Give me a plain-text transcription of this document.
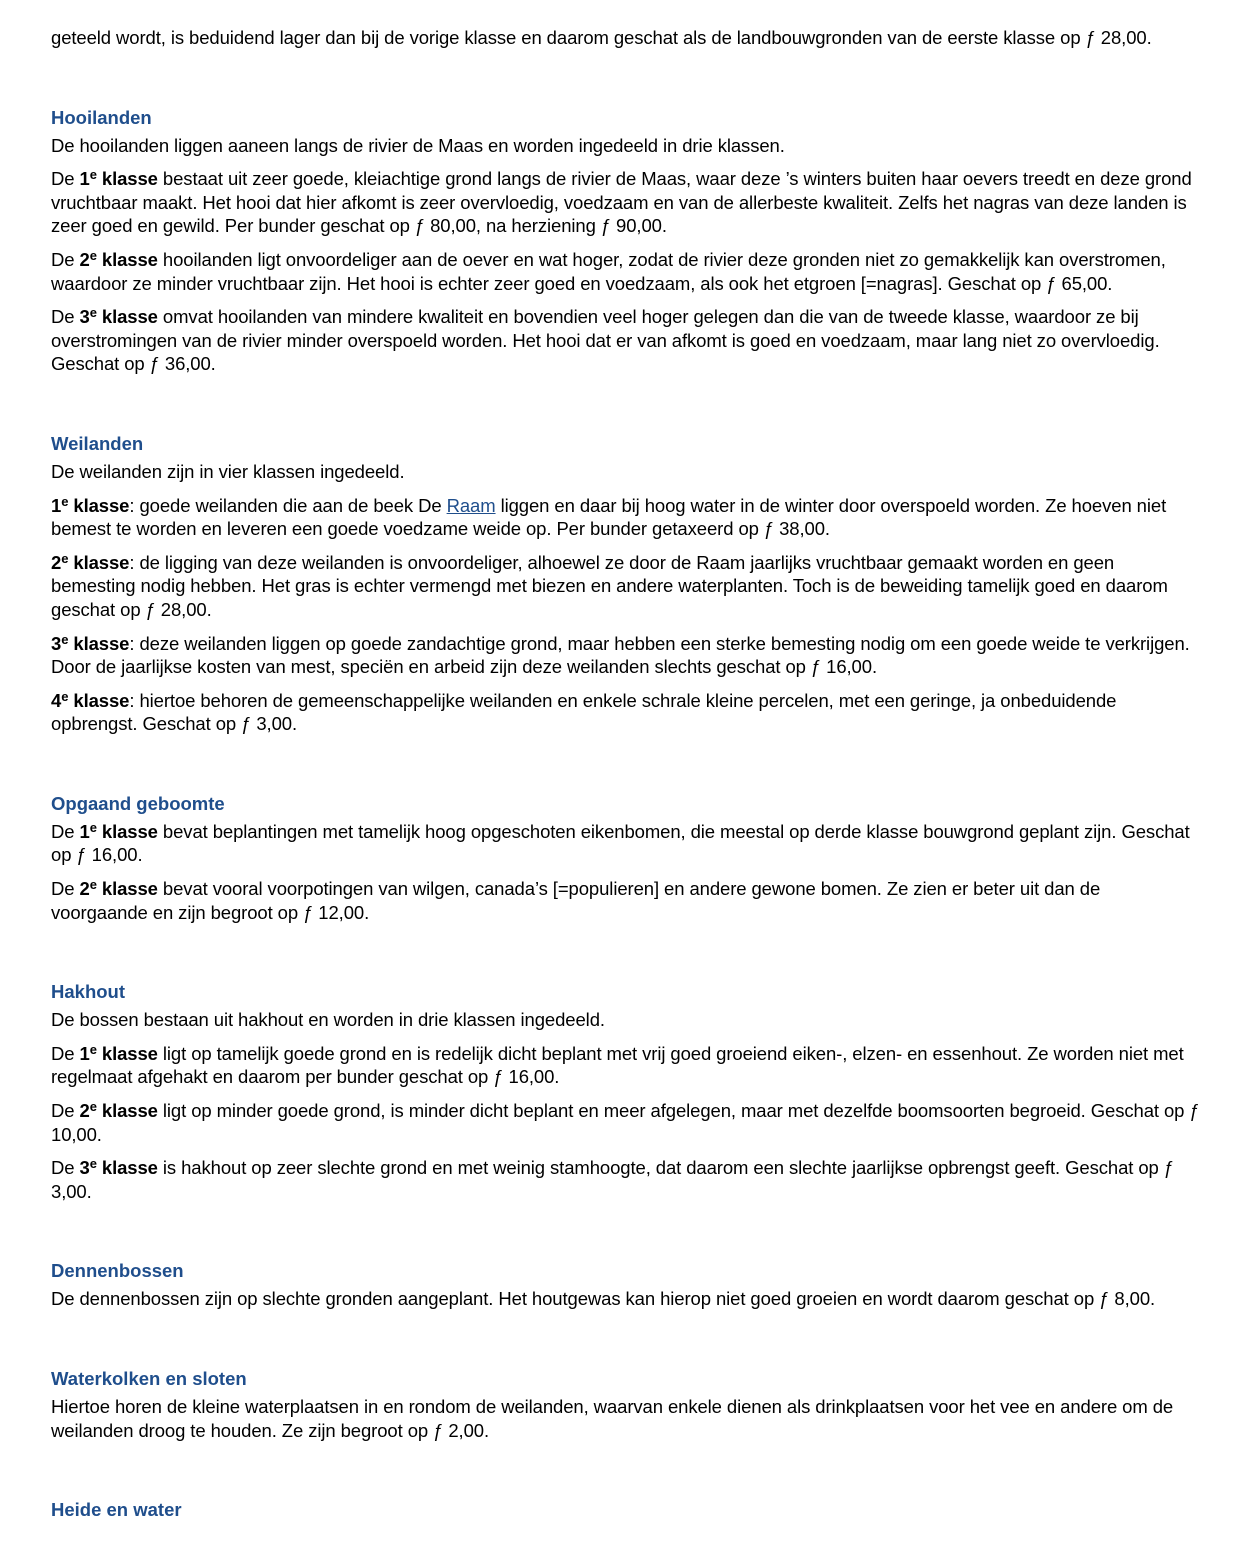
geteeld wordt, is beduidend lager dan bij de vorige klasse en daarom geschat als de landbouwgronden van de eerste klasse op ƒ 28,00.

Hooilanden

De hooilanden liggen aaneen langs de rivier de Maas en worden ingedeeld in drie klassen.

De 1e klasse bestaat uit zeer goede, kleiachtige grond langs de rivier de Maas, waar deze ’s winters buiten haar oevers treedt en deze grond vruchtbaar maakt. Het hooi dat hier afkomt is zeer overvloedig, voedzaam en van de allerbeste kwaliteit. Zelfs het nagras van deze landen is zeer goed en gewild. Per bunder geschat op ƒ 80,00, na herziening ƒ 90,00.

De 2e klasse hooilanden ligt onvoordeliger aan de oever en wat hoger, zodat de rivier deze gronden niet zo gemakkelijk kan overstromen, waardoor ze minder vruchtbaar zijn. Het hooi is echter zeer goed en voedzaam, als ook het etgroen [=nagras]. Geschat op ƒ 65,00.

De 3e klasse omvat hooilanden van mindere kwaliteit en bovendien veel hoger gelegen dan die van de tweede klasse, waardoor ze bij overstromingen van de rivier minder overspoeld worden. Het hooi dat er van afkomt is goed en voedzaam, maar lang niet zo overvloedig. Geschat op ƒ 36,00.

Weilanden

De weilanden zijn in vier klassen ingedeeld.

1e klasse: goede weilanden die aan de beek De Raam liggen en daar bij hoog water in de winter door overspoeld worden. Ze hoeven niet bemest te worden en leveren een goede voedzame weide op. Per bunder getaxeerd op ƒ 38,00.

2e klasse: de ligging van deze weilanden is onvoordeliger, alhoewel ze door de Raam jaarlijks vruchtbaar gemaakt worden en geen bemesting nodig hebben. Het gras is echter vermengd met biezen en andere waterplanten. Toch is de beweiding tamelijk goed en daarom geschat op ƒ 28,00.

3e klasse: deze weilanden liggen op goede zandachtige grond, maar hebben een sterke bemesting nodig om een goede weide te verkrijgen. Door de jaarlijkse kosten van mest, speciën en arbeid zijn deze weilanden slechts geschat op ƒ 16,00.

4e klasse: hiertoe behoren de gemeenschappelijke weilanden en enkele schrale kleine percelen, met een geringe, ja onbeduidende opbrengst. Geschat op ƒ 3,00.

Opgaand geboomte

De 1e klasse bevat beplantingen met tamelijk hoog opgeschoten eikenbomen, die meestal op derde klasse bouwgrond geplant zijn. Geschat op ƒ 16,00.

De 2e klasse bevat vooral voorpotingen van wilgen, canada’s [=populieren] en andere gewone bomen. Ze zien er beter uit dan de voorgaande en zijn begroot op ƒ 12,00.

Hakhout

De bossen bestaan uit hakhout en worden in drie klassen ingedeeld.

De 1e klasse ligt op tamelijk goede grond en is redelijk dicht beplant met vrij goed groeiend eiken-, elzen- en essenhout. Ze worden niet met regelmaat afgehakt en daarom per bunder geschat op ƒ 16,00.

De 2e klasse ligt op minder goede grond, is minder dicht beplant en meer afgelegen, maar met dezelfde boomsoorten begroeid. Geschat op ƒ 10,00.

De 3e klasse is hakhout op zeer slechte grond en met weinig stamhoogte, dat daarom een slechte jaarlijkse opbrengst geeft. Geschat op ƒ 3,00.

Dennenbossen

De dennenbossen zijn op slechte gronden aangeplant. Het houtgewas kan hierop niet goed groeien en wordt daarom geschat op ƒ 8,00.

Waterkolken en sloten

Hiertoe horen de kleine waterplaatsen in en rondom de weilanden, waarvan enkele dienen als drinkplaatsen voor het vee en andere om de weilanden droog te houden. Ze zijn begroot op ƒ 2,00.

Heide en water
